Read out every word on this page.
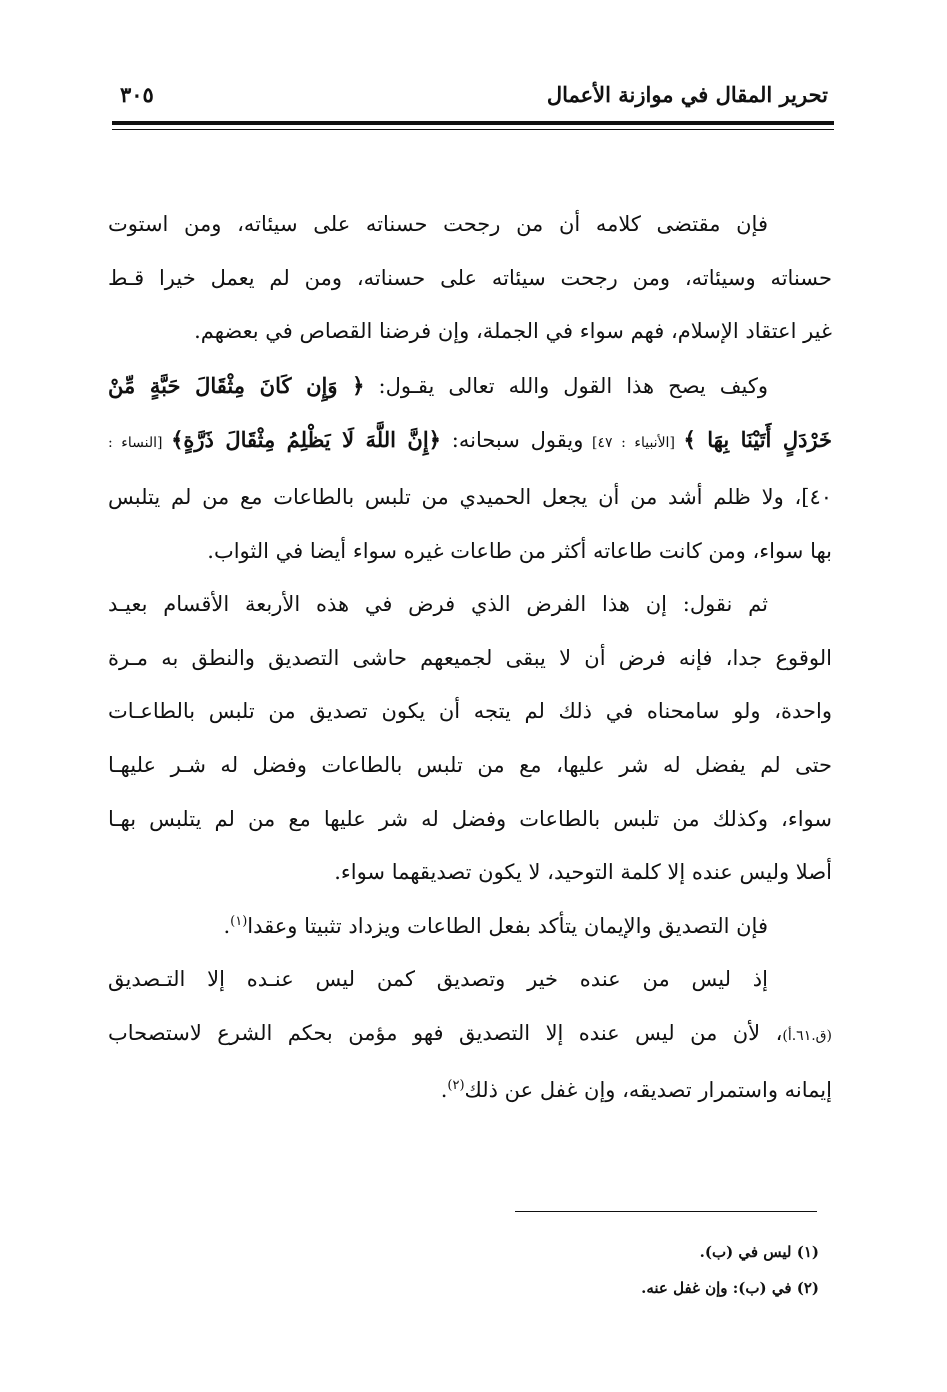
تحرير المقال في موازنة الأعمال
٣٠٥

فإن مقتضى كلامه أن من رجحت حسناته على سيئاته، ومن استوت

حسناته وسيئاته، ومن رجحت سيئاته على حسناته، ومن لم يعمل خيرا قـط

غير اعتقاد الإسلام، فهم سواء في الجملة، وإن فرضنا القصاص في بعضهم.

وكيف يصح هذا القول والله تعالى يقـول: ﴿ وَإِن كَانَ مِثْقَالَ حَبَّةٍ مِّنْ

خَرْدَلٍ أَتَيْنَا بِهَا ﴾ [الأنبياء : ٤٧] ويقول سبحانه: ﴿إِنَّ اللَّهَ لَا يَظْلِمُ مِثْقَالَ ذَرَّةٍ﴾ [النساء :

٤٠]، ولا ظلم أشد من أن يجعل الحميدي من تلبس بالطاعات مع من لم يتلبس

بها سواء، ومن كانت طاعاته أكثر من طاعات غيره سواء أيضا في الثواب.

ثم نقول: إن هذا الفرض الذي فرض في هذه الأربعة الأقسام بعيـد

الوقوع جدا، فإنه فرض أن لا يبقى لجميعهم حاشى التصديق والنطق به مـرة

واحدة، ولو سامحناه في ذلك لم يتجه أن يكون تصديق من تلبس بالطاعـات

حتى لم يفضل له شر عليها، مع من تلبس بالطاعات وفضل له شـر عليهـا

سواء، وكذلك من تلبس بالطاعات وفضل له شر عليها مع من لم يتلبس بهـا

أصلا وليس عنده إلا كلمة التوحيد، لا يكون تصديقهما سواء.

فإن التصديق والإيمان يتأكد بفعل الطاعات ويزداد تثبيتا وعقدا$^{(١)}$.

إذ ليس من عنده خير وتصديق كمن ليس عنـده إلا التـصديق

(ق.٦١.أ)، لأن من ليس عنده إلا التصديق فهو مؤمن بحكم الشرع لاستصحاب

إيمانه واستمرار تصديقه، وإن غفل عن ذلك$^{(٢)}$.

(١) ليس في (ب).
(٢) في (ب): وإن غفل عنه.
